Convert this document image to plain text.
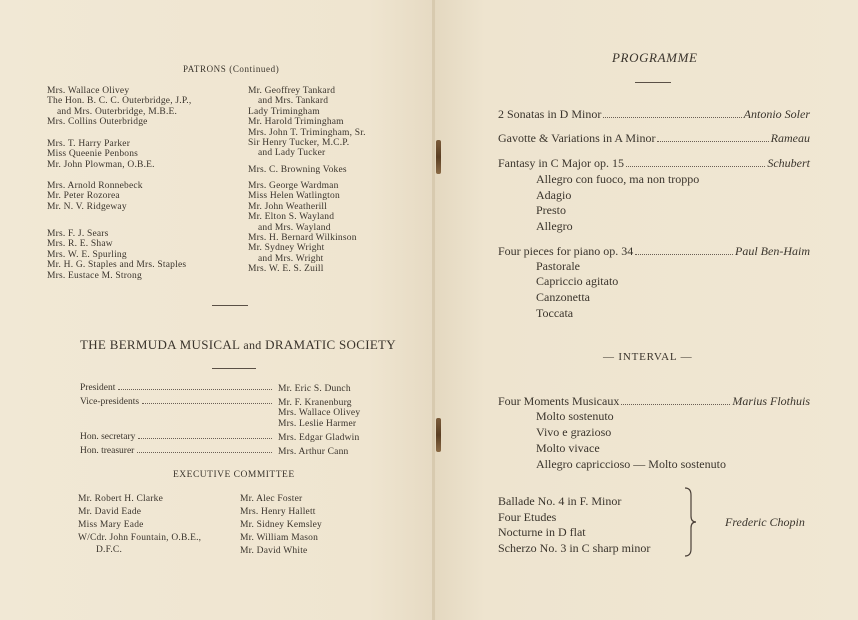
PATRONS (Continued)
Mrs. Wallace Olivey
The Hon. B. C. C. Outerbridge, J.P.,
and Mrs. Outerbridge, M.B.E.
Mrs. Collins Outerbridge
Mrs. T. Harry Parker
Miss Queenie Penbons
Mr. John Plowman, O.B.E.
Mrs. Arnold Ronnebeck
Mr. Peter Rozorea
Mr. N. V. Ridgeway
Mrs. F. J. Sears
Mrs. R. E. Shaw
Mrs. W. E. Spurling
Mr. H. G. Staples and Mrs. Staples
Mrs. Eustace M. Strong
Mr. Geoffrey Tankard
and Mrs. Tankard
Lady Trimingham
Mr. Harold Trimingham
Mrs. John T. Trimingham, Sr.
Sir Henry Tucker, M.C.P.
and Lady Tucker
Mrs. C. Browning Vokes
Mrs. George Wardman
Miss Helen Watlington
Mr. John Weatherill
Mr. Elton S. Wayland
and Mrs. Wayland
Mrs. H. Bernard Wilkinson
Mr. Sydney Wright
and Mrs. Wright
Mrs. W. E. S. Zuill
THE BERMUDA MUSICAL and DRAMATIC SOCIETY
President	Mr. Eric S. Dunch
Vice-presidents	Mr. F. Kranenburg
Mrs. Wallace Olivey
Mrs. Leslie Harmer
Hon. secretary	Mrs. Edgar Gladwin
Hon. treasurer	Mrs. Arthur Cann
EXECUTIVE COMMITTEE
Mr. Robert H. Clarke
Mr. David Eade
Miss Mary Eade
W/Cdr. John Fountain, O.B.E.,
D.F.C.
Mr. Alec Foster
Mrs. Henry Hallett
Mr. Sidney Kemsley
Mr. William Mason
Mr. David White
PROGRAMME
2 Sonatas in D Minor	Antonio Soler
Gavotte & Variations in A Minor	Rameau
Fantasy in C Major op. 15	Schubert
Allegro con fuoco, ma non troppo
Adagio
Presto
Allegro
Four pieces for piano op. 34	Paul Ben-Haim
Pastorale
Capriccio agitato
Canzonetta
Toccata
— INTERVAL —
Four Moments Musicaux	Marius Flothuis
Molto sostenuto
Vivo e grazioso
Molto vivace
Allegro capriccioso — Molto sostenuto
Ballade No. 4 in F. Minor
Four Etudes
Nocturne in D flat
Scherzo No. 3 in C sharp minor
Frederic Chopin
